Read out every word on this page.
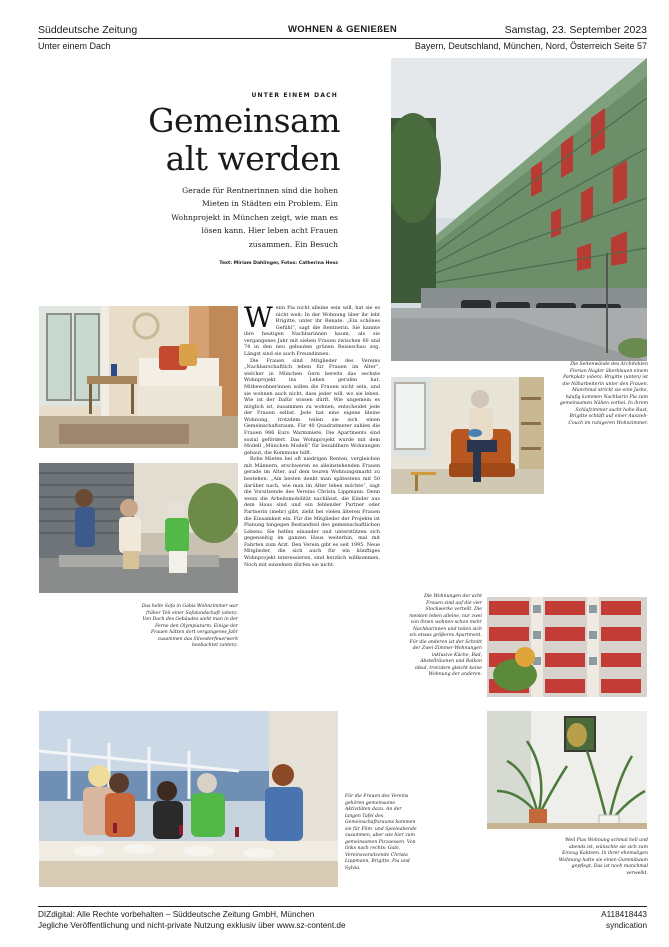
Süddeutsche Zeitung	WOHNEN & GENIEßEN	Samstag, 23. September 2023
Unter einem Dach	Bayern, Deutschland, München, Nord, Österreich Seite 57
UNTER EINEM DACH
Gemeinsam
alt werden
Gerade für Rentnerinnen sind die hohen Mieten in Städten ein Problem. Ein Wohnprojekt in München zeigt, wie man es lösen kann. Hier leben acht Frauen zusammen. Ein Besuch
Text: Miriam Dahlinger, Fotos: Catherina Hess
W enn Pia nicht alleine sein will, hat sie es nicht weit: In der Wohnung über ihr lebt Brigitte, unter ihr Renate. „Ein schönes Gefühl“, sagt die Rentnerin. Sie kannte ihre heutigen Nachbarinnen kaum, als sie vergangenes Jahr mit sieben Frauen zwischen 60 und 74 in den neu gebauten grünen Reiseschau zog. Längst sind sie auch Freundinnen.

Die Frauen sind Mitglieder des Vereins „Nachbarschaftlich leben für Frauen im Alter“, welcher in München Gern bereits das sechste Wohnprojekt ins Leben gerufen hat. Mitbewohnerinnen sollen die Frauen nicht sein, und sie wohnen auch nicht, dass jeder will, wo sie leben. Wie ist der Dafür wissen dürft. Wie ungemein es möglich ist, zusammen zu wohnen, entscheidet jede der Frauen selbst. Jede hat eine eigene kleine Wohnung, trotzdem teilen sie sich einen Gemeinschaftsraum. Für 40 Quadratmeter zahlen die Frauen 986 Euro Warmmiete. Die Apartments sind sozial gefördert. Das Wohnprojekt wurde mit dem Modell „München Modell“ für bezahlbare Wohnungen gebaut, die Kommune hilft.

Rohe Mieten bei oft niedrigen Renten, vergleichen mit Männern, erschweren es alleinstehenden Frauen gerade im Alter, auf dem teuren Wohnungsmarkt zu bestehen. „Am besten denkt man spätestens mit 50 darüber nach, wie man im Alter leben möchte“, sagt die Vorsitzende des Vereins Christa Lippmann. Denn wenn die Arbeitsmobilität nachlässt, die Kinder aus dem Haus sind und ein fehlender Partner oder Partnerin (mehr) gibt, zieht bei vielen älteren Frauen die Einsamkeit ein. Für die Mitglieder der Projekte ist Planung hingegen Bestandteil des gemeinschaftlichen Lebens. Sie helfen einander und unterstützen sich gegenseitig im ganzen Haus weiterhin, mal mit Fahrten zum Arzt. Den Verein gibt es seit 1995. Neue Mitglieder, die sich auch für ein künftiges Wohnprojekt interessieren, sind herzlich willkommen. Noch mit einzelnen dürfen sie nicht.

Die Seitenwände des Architekten Florian Nagler überblauen einem Parkplatz (oben). Brigitte (unten) ist die Näharbeiterin unter den Frauen. Manchmal strickt sie eine Jacke, häufig kommen Nachbarin Pia zum gemeinsamen Nähen vorbei. In ihrem Schlafzimmer sucht hohe Rast, Brigitte schläft auf einer Auszieh-Couch im ruhigeren Wohnzimmer.
Das helle Sofa in Gabis Wohnzimmer war früher Teil einer Sofalandschaft (oben). Von Dach des Gebäudes sieht man in der Ferne den Olympiaturm. Einige der Frauen hätten dort vergangenes Jahr zusammen das Silvesterfeuerwerk beobachtet (unten).
Die Wohnungen der acht Frauen sind auf die vier Stockwerke verteilt. Die meisten leben alleine, nur zwei von ihnen wohnen schon mehr Nachbarinnen und teilen sich ein etwas größeres Apartment. Für die anderen ist der Schnitt der Zwei-Zimmer-Wohnungen inklusive Küche, Bad, Abstellräumen und Balkon ideal, trotzdem gleicht keine Wohnung der anderen.
Für die Frauen des Vereins gehören gemeinsame Aktivitäten dazu. An der langen Tafel des Gemeinschaftsraums kommen sie für Film- und Spieleabende zusammen, aber wie hier zum gemeinsamen Pizzaessen. Von links nach rechts: Gabi, Vereinsvorsitzende Christa Lippmann, Brigitte, Pia und Sylvia.
Weil Pias Wohnung schmal hell und abends ist, wünschte sie sich zum Einzug Kakteen. In ihrer ehemaligen Wohnung hatte sie einen Gummibaum gepflegt. Das ist noch manchmal verwelkt.
DIZdigital: Alle Rechte vorbehalten – Süddeutsche Zeitung GmbH, München
Jegliche Veröffentlichung und nicht-private Nutzung exklusiv über www.sz-content.de
A118418443
syndication
